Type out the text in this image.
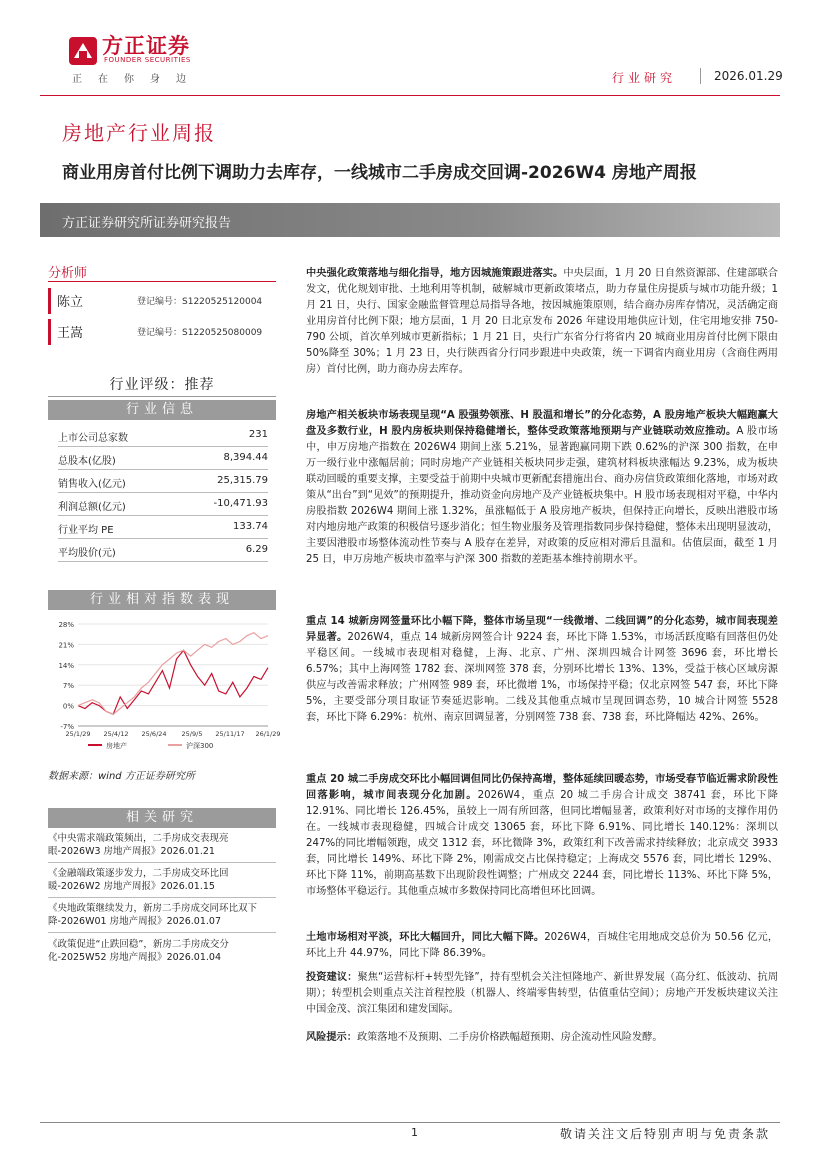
方正证券
FOUNDER SECURITIES
正在你身边	行业研究	2026.01.29
房地产行业周报
商业用房首付比例下调助力去库存，一线城市二手房成交回调-2026W4 房地产周报
方正证券研究所证券研究报告
分析师
陈立	登记编号：S1220525120004
王嵩	登记编号：S1220525080009
行业评级：推荐
行业信息
上市公司总家数	231
总股本(亿股)	8,394.44
销售收入(亿元)	25,315.79
利润总额(亿元)	-10,471.93
行业平均 PE	133.74
平均股价(元)	6.29
行业相对指数表现
28%
21%
14%
7%
0%
-7%
25/1/29 25/4/12 25/6/24 25/9/5 25/11/17 26/1/29
房地产	沪深300
数据来源：wind 方正证券研究所
相关研究
《中央需求端政策频出，二手房成交表现亮眼-2026W3 房地产周报》2026.01.21
《金融端政策逐步发力，二手房成交环比回暖-2026W2 房地产周报》2026.01.15
《央地政策继续发力，新房二手房成交同环比双下降-2026W01 房地产周报》2026.01.07
《政策促进“止跌回稳”，新房二手房成交分化-2025W52 房地产周报》2026.01.04
中央强化政策落地与细化指导，地方因城施策跟进落实。中央层面，1 月 20 日自然资源部、住建部联合发文，优化规划审批、土地利用等机制，破解城市更新政策堵点，助力存量住房提质与城市功能升级；1 月 21 日，央行、国家金融监督管理总局指导各地，按因城施策原则，结合商办房库存情况，灵活确定商业用房首付比例下限；地方层面，1 月 20 日北京发布 2026 年建设用地供应计划，住宅用地安排 750-790 公顷，首次单列城市更新指标；1 月 21 日，央行广东省分行将省内 20 城商业用房首付比例下限由 50%降至 30%；1 月 23 日，央行陕西省分行同步跟进中央政策，统一下调省内商业用房（含商住两用房）首付比例，助力商办房去库存。
房地产相关板块市场表现呈现“A 股强势领涨、H 股温和增长”的分化态势，A 股房地产板块大幅跑赢大盘及多数行业，H 股内房板块则保持稳健增长，整体受政策落地预期与产业链联动效应推动。A 股市场中，申万房地产指数在 2026W4 期间上涨 5.21%，显著跑赢同期下跌 0.62%的沪深 300 指数，在申万一级行业中涨幅居前；同时房地产产业链相关板块同步走强，建筑材料板块涨幅达 9.23%，成为板块联动回暖的重要支撑，主要受益于前期中央城市更新配套措施出台、商办房信贷政策细化落地，市场对政策从“出台”到“见效”的预期提升，推动资金向房地产及产业链板块集中。H 股市场表现相对平稳，中华内房股指数 2026W4 期间上涨 1.32%，虽涨幅低于 A 股房地产板块，但保持正向增长，反映出港股市场对内地房地产政策的积极信号逐步消化；恒生物业服务及管理指数同步保持稳健，整体未出现明显波动，主要因港股市场整体流动性节奏与 A 股存在差异，对政策的反应相对滞后且温和。估值层面，截至 1 月 25 日，申万房地产板块市盈率与沪深 300 指数的差距基本维持前期水平。
重点 14 城新房网签量环比小幅下降，整体市场呈现“一线微增、二线回调”的分化态势，城市间表现差异显著。2026W4，重点 14 城新房网签合计 9224 套，环比下降 1.53%，市场活跃度略有回落但仍处平稳区间。一线城市表现相对稳健，上海、北京、广州、深圳四城合计网签 3696 套，环比增长 6.57%；其中上海网签 1782 套、深圳网签 378 套，分别环比增长 13%、13%，受益于核心区域房源供应与改善需求释放；广州网签 989 套，环比微增 1%，市场保持平稳；仅北京网签 547 套，环比下降 5%，主要受部分项目取证节奏延迟影响。二线及其他重点城市呈现回调态势，10 城合计网签 5528 套，环比下降 6.29%：杭州、南京回调显著，分别网签 738 套、738 套，环比降幅达 42%、26%。
重点 20 城二手房成交环比小幅回调但同比仍保持高增，整体延续回暖态势，市场受春节临近需求阶段性回落影响，城市间表现分化加剧。2026W4，重点 20 城二手房合计成交 38741 套，环比下降 12.91%、同比增长 126.45%，虽较上一周有所回落，但同比增幅显著，政策利好对市场的支撑作用仍在。一线城市表现稳健，四城合计成交 13065 套，环比下降 6.91%、同比增长 140.12%：深圳以 247%的同比增幅领跑，成交 1312 套，环比微降 3%，政策红利下改善需求持续释放；北京成交 3933 套，同比增长 149%、环比下降 2%，刚需成交占比保持稳定；上海成交 5576 套，同比增长 129%、环比下降 11%，前期高基数下出现阶段性调整；广州成交 2244 套，同比增长 113%、环比下降 5%，市场整体平稳运行。其他重点城市多数保持同比高增但环比回调。
土地市场相对平淡，环比大幅回升，同比大幅下降。2026W4，百城住宅用地成交总价为 50.56 亿元，环比上升 44.97%，同比下降 86.39%。
投资建议：聚焦“运营标杆+转型先锋”，持有型机会关注恒隆地产、新世界发展（高分红、低波动、抗周期）；转型机会则重点关注首程控股（机器人、终端零售转型，估值重估空间）；房地产开发板块建议关注中国金茂、滨江集团和建发国际。
风险提示：政策落地不及预期、二手房价格跌幅超预期、房企流动性风险发酵。
1	敬请关注文后特别声明与免责条款
